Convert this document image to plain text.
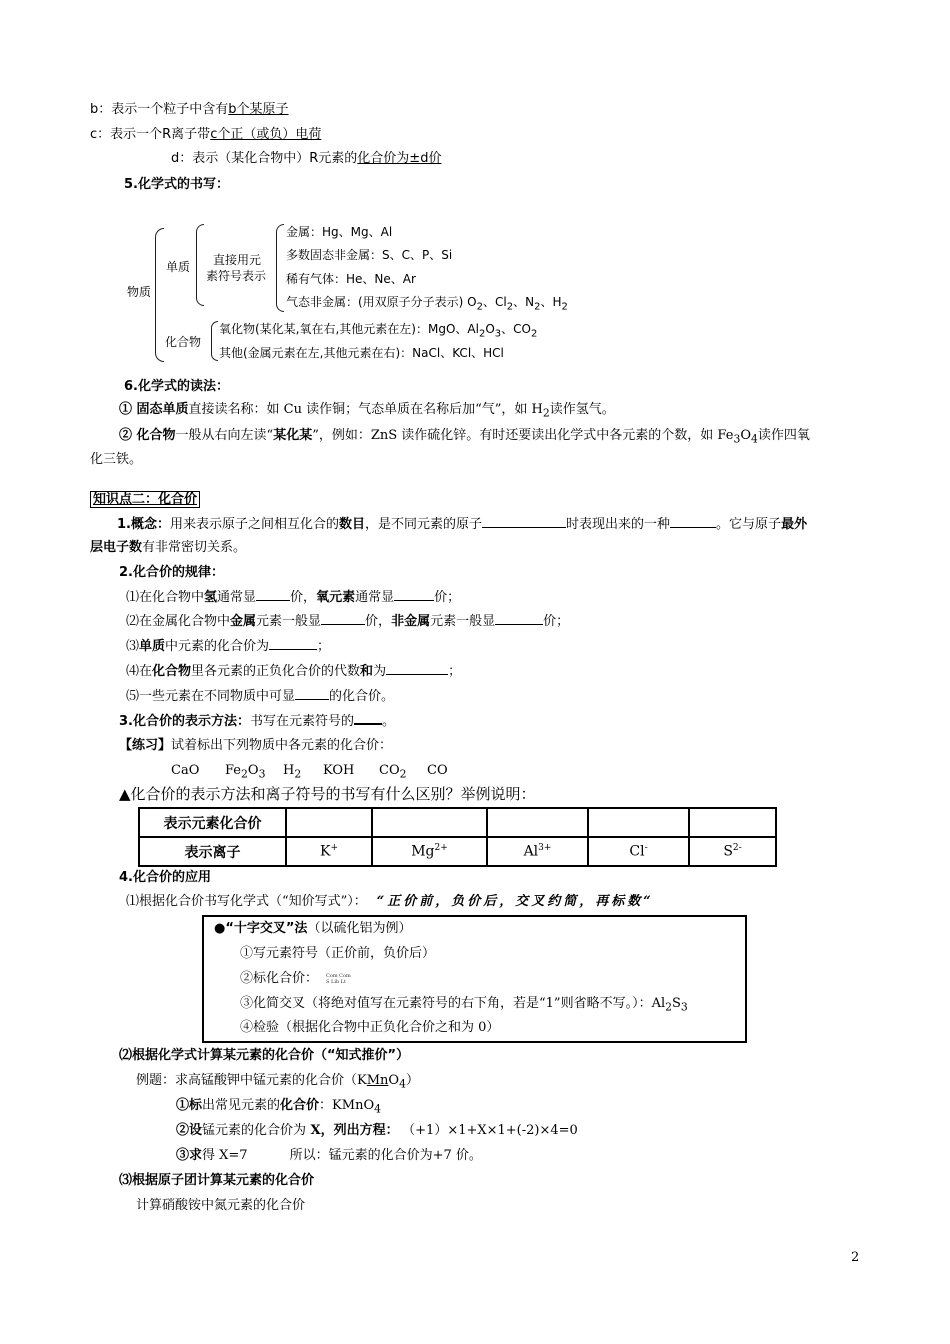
b：表示一个粒子中含有b个某原子
c：表示一个R离子带c个正（或负）电荷
d：表示（某化合物中）R元素的化合价为±d价
5.化学式的书写：
物质
单质 直接用元
素符号表示
金属：Hg、Mg、Al
多数固态非金属：S、C、P、Si
稀有气体：He、Ne、Ar
气态非金属：(用双原子分子表示) $O_2$、$Cl_2$、$N_2$、$H_2$
化合物
氧化物(某化某,氧在右,其他元素在左)：MgO、$Al_2O_3$、$CO_2$
其他(金属元素在左,其他元素在右)：NaCl、KCl、HCl
6.化学式的读法：
① 固态单质直接读名称：如 Cu 读作铜；气态单质在名称后加“气”，如 $H_2$读作氢气。
② 化合物一般从右向左读“某化某”，例如：ZnS 读作硫化锌。有时还要读出化学式中各元素的个数，如 $Fe_3O_4$读作四氧
化三铁。
知识点二：化合价
1.概念：用来表示原子之间相互化合的数目，是不同元素的原子	时表现出来的一种	。它与原子最外
层电子数有非常密切关系。
2.化合价的规律：
⑴在化合物中氢通常显	价，氧元素通常显	价；
⑵在金属化合物中金属元素一般显	价，非金属元素一般显	价；
⑶单质中元素的化合价为	；
⑷在化合物里各元素的正负化合价的代数和为	；
⑸一些元素在不同物质中可显	的化合价。
3.化合价的表示方法：书写在元素符号的 。
【练习】试着标出下列物质中各元素的化合价：
CaO $Fe_2O_3$ $H_2$ KOH $CO_2$ CO
▲化合价的表示方法和离子符号的书写有什么区别？举例说明：
表示元素化合价					
表示离子	K+	$Mg^{2+}$	$Al^{3+}$	Cl-	$S^{2-}$
4.化合价的应用
⑴根据化合价书写化学式（“知价写式”）： “正价前，负价后，交叉约简，再标数“
●“十字交叉”法（以硫化铝为例）
①写元素符号（正价前，负价后）
②标化合价： Com Com
S Lib Lt
③化简交叉（将绝对值写在元素符号的右下角，若是“1”则省略不写。）：$Al_2S_3$
④检验（根据化合物中正负化合价之和为 0）
⑵根据化学式计算某元素的化合价（“知式推价”）
例题：求高锰酸钾中锰元素的化合价（KMnO$_4$）
①标出常见元素的化合价：KMnO$_4$
②设锰元素的化合价为 X，列出方程： （+1）×1+X×1+(-2)×4=0
③求得 X=7	所以：锰元素的化合价为+7 价。
⑶根据原子团计算某元素的化合价
计算硝酸铵中氮元素的化合价
2
